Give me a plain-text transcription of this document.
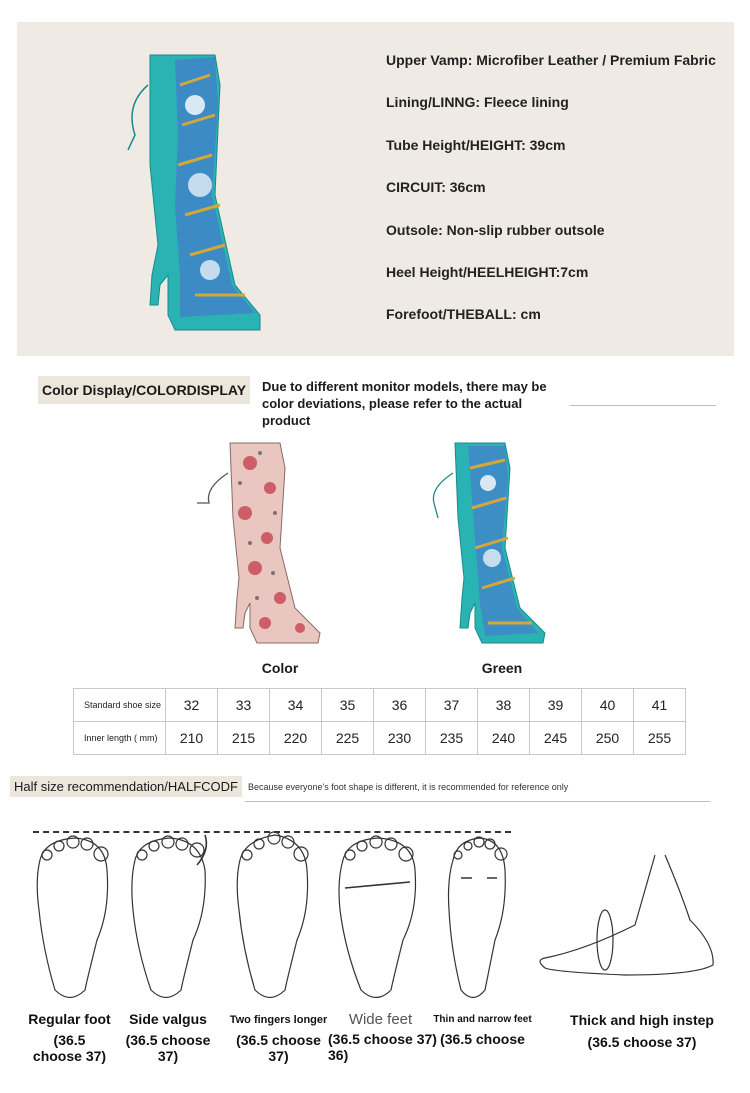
Upper Vamp: Microfiber Leather / Premium Fabric
Lining/LINNG: Fleece lining
Tube Height/HEIGHT: 39cm
CIRCUIT: 36cm
Outsole: Non-slip rubber outsole
Heel Height/HEELHEIGHT:7cm
Forefoot/THEBALL: cm
Color Display/COLORDISPLAY	Due to different monitor models, there may be
color deviations, please refer to the actual
product
Color	Green
Standard shoe size	32	33	34	35	36	37	38	39	40	41
Inner length ( mm)	210	215	220	225	230	235	240	245	250	255
Half size recommendation/HALFCODF	Because everyone's foot shape is different, it is recommended for reference only
Regular foot
(36.5
choose 37)
Side valgus
(36.5 choose
37)
Two fingers longer
(36.5 choose
37)
Wide feet
(36.5 choose 37)
36)
Thin and narrow feet
(36.5 choose
Thick and high instep
(36.5 choose 37)
